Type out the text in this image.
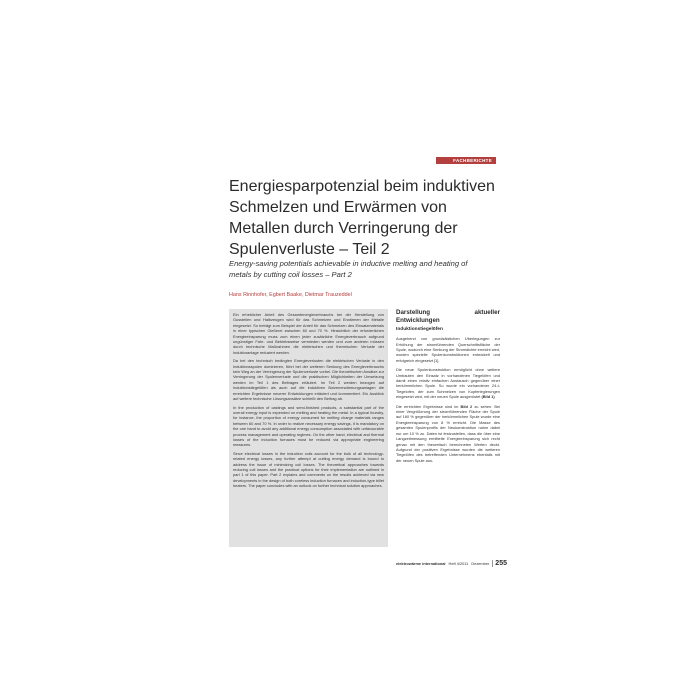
FACHBERICHTE
Energiesparpotenzial beim induktiven Schmelzen und Erwärmen von Metallen durch Verringerung der Spulenverluste – Teil 2

Energy-saving potentials achievable in inductive melting and heating of metals by cutting coil losses – Part 2

Hans Rinnhofer, Egbert Baake, Dietmar Trauzeddel

Ein erheblicher Anteil des Gesamtenergieverbrauchs bei der Herstellung von Gussteilen und Halbzeugen wird für das Schmelzen und Erwärmen der Metalle eingesetzt. So beträgt zum Beispiel der Anteil für das Schmelzen des Einsatzmaterials in einer typischen Gießerei zwischen 60 und 70 %. Hinsichtlich der erforderlichen Energieeinsparung muss zum einen jeder zusätzliche Energieverbrauch aufgrund ungünstiger Fahr- und Betriebsweise vermieden werden und zum anderen müssen durch technische Maßnahmen die elektrischen und thermischen Verluste der Induktoranlage reduziert werden.

Da bei den technisch bedingten Energieverlusten die elektrischen Verluste in den Induktionsspulen dominieren, führt bei der weiteren Senkung des Energieverbrauchs kein Weg an der Verringerung der Spulenverluste vorbei. Die theoretischen Ansätze zur Verringerung der Spulenverluste und die praktischen Möglichkeiten der Umsetzung werden im Teil 1 des Beitrages erläutert. Im Teil 2 werden bezogen auf Induktionstiegelöfen als auch auf die induktiven Bolzenerwärmungsanlagen die erreichten Ergebnisse neuerer Entwicklungen erläutert und kommentiert. Ein Ausblick auf weitere technische Lösungsansätze schließt den Beitrag ab.

In the production of castings and semi-finished products, a substantial part of the overall energy input is expended on melting and heating the metal. In a typical foundry, for instance, the proportion of energy consumed for melting charge materials ranges between 60 and 70 %. In order to realize necessary energy savings, it is mandatory on the one hand to avoid any additional energy consumption associated with unfavourable process management and operating regimes. On the other hand, electrical and thermal losses of the induction furnaces must be reduced via appropriate engineering measures.

Since electrical losses in the induction coils account for the bulk of all technology-related energy losses, any further attempt at cutting energy demand is bound to address the issue of minimizing coil losses. The theoretical approaches towards reducing coil losses and the practical options for their implementation are outlined in part 1 of this paper. Part 2 explains and comments on the results achieved via new developments in the design of both coreless induction furnaces and induction-type billet heaters. The paper concludes with an outlook on further technical solution approaches.

Darstellung aktueller Entwicklungen
Induktionstiegelöfen

Ausgehend von grundsätzlichen Überlegungen zur Erhöhung der stromführenden Querschnittsfläche der Spule, wodurch eine Senkung der Stromdichte erreicht wird, wurden spezielle Spulenkonstruktionen entwickelt und erfolgreich eingesetzt [1].

Die neue Spulenkonstruktion ermöglicht ohne weitere Umbauten den Einsatz in vorhandenen Tiegelöfen und damit einen relativ einfachen Austausch gegenüber einer herkömmlichen Spule. So wurde ein vorhandener 24-t-Tiegelofen, der zum Schmelzen von Kupferlegierungen eingesetzt wird, mit der neuen Spule ausgerüstet (Bild 1)

Die erreichten Ergebnisse sind im Bild 2 zu sehen. Bei einer Vergrößerung der stromführenden Fläche der Spule auf 160 % gegenüber der herkömmlichen Spule wurde eine Energieeinsparung von 8 % erreicht. Die Masse des gesamten Spulenprofils der Neukonstruktion nahm dabei nur um 10 % zu. Daten ist festzustellen, dass die über eine Langzeitmessung ermittelte Energieeinsparung sich recht genau mit den theoretisch berechneten Werten deckt. Aufgrund der positiven Ergebnisse wurden die weiteren Tiegelöfen des betreffenden Unternehmens ebenfalls mit der neuen Spule aus-

elektrowärme international Heft 4/2011 Dezember 255
